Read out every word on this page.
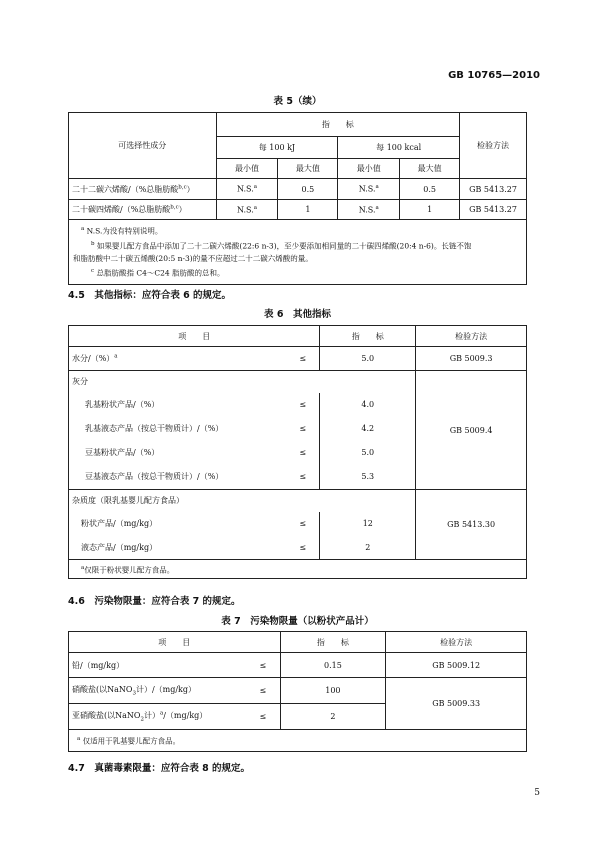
GB 10765—2010
表 5（续）
可选择性成分	指　　标				检验方法
	每 100 kJ		每 100 kcal		
	最小值	最大值	最小值	最大值	
二十二碳六烯酸/（%总脂肪酸$^{b,c}$）	N.S.$^a$	0.5	N.S.$^a$	0.5	GB 5413.27
二十碳四烯酸/（%总脂肪酸$^{b,c}$）	N.S.$^a$	1	N.S.$^a$	1	GB 5413.27

$^a$ N.S.为没有特别说明。
$^b$ 如果婴儿配方食品中添加了二十二碳六烯酸(22:6 n-3)，至少要添加相同量的二十碳四烯酸(20:4 n-6)。长链不饱
和脂肪酸中二十碳五烯酸(20:5 n-3)的量不应超过二十二碳六烯酸的量。
$^c$ 总脂肪酸指 C4～C24 脂肪酸的总和。					
4.5　其他指标：应符合表 6 的规定。
表 6　其他指标
项　　目		指　　标	检验方法
水分/（%）$^a$	≤	5.0	GB 5009.3
灰分			GB 5009.4
乳基粉状产品/（%）	≤	4.0	
乳基液态产品（按总干物质计）/（%）	≤	4.2	
豆基粉状产品/（%）	≤	5.0	
豆基液态产品（按总干物质计）/（%）	≤	5.3	
杂质度（限乳基婴儿配方食品）			GB 5413.30
粉状产品/（mg/kg）	≤	12	
液态产品/（mg/kg）	≤	2	
$^a$仅限于粉状婴儿配方食品。			
4.6　污染物限量：应符合表 7 的规定。
表 7　污染物限量（以粉状产品计）
项　　目		指　　标	检验方法
铅/（mg/kg）	≤	0.15	GB 5009.12
硝酸盐(以NaNO$_3$计）/（mg/kg）	≤	100	GB 5009.33
亚硝酸盐(以NaNO$_2$计）$^a$/（mg/kg）	≤	2	
$^a$ 仅适用于乳基婴儿配方食品。			
4.7　真菌毒素限量：应符合表 8 的规定。
5
